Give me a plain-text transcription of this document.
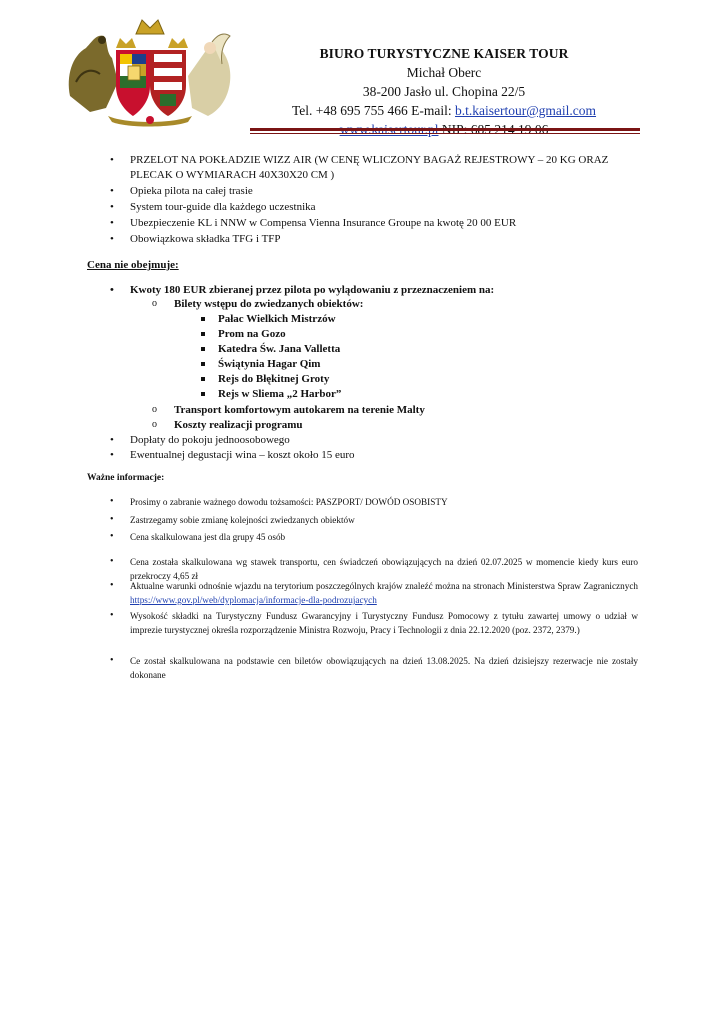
BIURO TURYSTYCZNE KAISER TOUR
Michał Oberc
38-200 Jasło ul. Chopina 22/5
Tel. +48 695 755 466 E-mail: b.t.kaisertour@gmail.com
• PRZELOT NA POKŁADZIE WIZZ AIR (W CENĘ WLICZONY BAGAŻ REJESTROWY – 20 KG ORAZ PLECAK O WYMIARACH 40X30X20 CM )
• Opieka pilota na całej trasie
• System tour-guide dla każdego uczestnika
• Ubezpieczenie KL i NNW w Compensa Vienna Insurance Groupe na kwotę 20 00 EUR
• Obowiązkowa składka TFG i TFP
Cena nie obejmuje:
• Kwoty 180 EUR zbieranej przez pilota po wylądowaniu z przeznaczeniem na:
o Bilety wstępu do zwiedzanych obiektów:
Pałac Wielkich Mistrzów
Prom na Gozo
Katedra Św. Jana Valletta
Świątynia Hagar Qim
Rejs do Błękitnej Groty
Rejs w Sliema „2 Harbor”
o Transport komfortowym autokarem na terenie Malty
o Koszty realizacji programu
• Dopłaty do pokoju jednoosobowego
• Ewentualnej degustacji wina – koszt około 15 euro
Ważne informacje:
• Prosimy o zabranie ważnego dowodu tożsamości: PASZPORT/ DOWÓD OSOBISTY
• Zastrzegamy sobie zmianę kolejności zwiedzanych obiektów
• Cena skalkulowana jest dla grupy 45 osób
• Cena została skalkulowana wg stawek transportu, cen świadczeń obowiązujących na dzień 02.07.2025 w momencie kiedy kurs euro przekroczy 4,65 zł
• Aktualne warunki odnośnie wjazdu na terytorium poszczególnych krajów znaleźć można na stronach Ministerstwa Spraw Zagranicznych https://www.gov.pl/web/dyplomacja/informacje-dla-podrozujacych
• Wysokość składki na Turystyczny Fundusz Gwarancyjny i Turystyczny Fundusz Pomocowy z tytułu zawartej umowy o udział w imprezie turystycznej określa rozporządzenie Ministra Rozwoju, Pracy i Technologii z dnia 22.12.2020 (poz. 2372, 2379.)
• Ce został skalkulowana na podstawie cen biletów obowiązujących na dzień 13.08.2025. Na dzień dzisiejszy rezerwacje nie zostały dokonane
